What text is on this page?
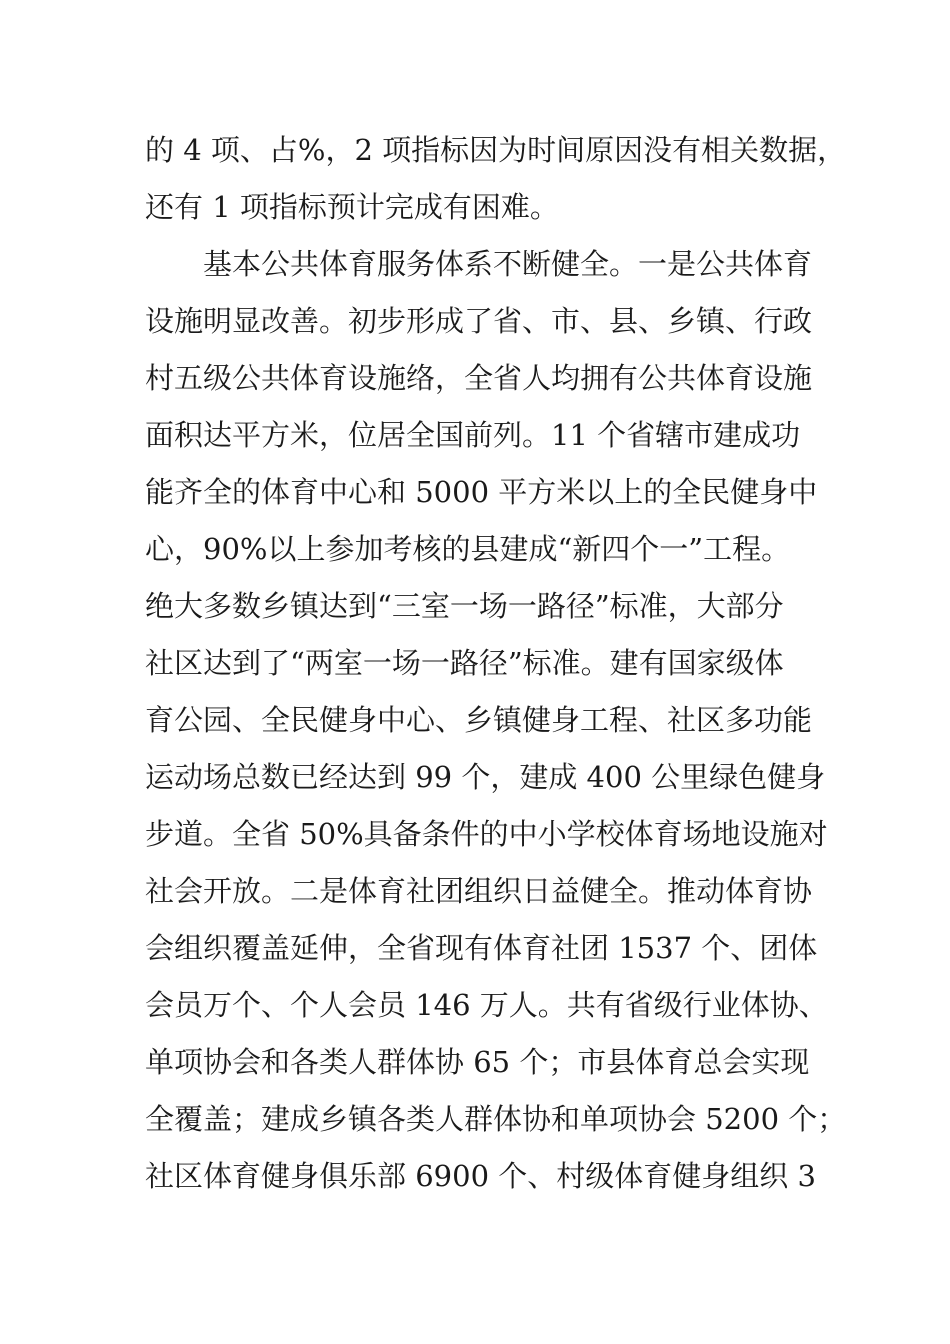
的 4 项、占%，2 项指标因为时间原因没有相关数据，
还有 1 项指标预计完成有困难。
　　基本公共体育服务体系不断健全。一是公共体育
设施明显改善。初步形成了省、市、县、乡镇、行政
村五级公共体育设施络，全省人均拥有公共体育设施
面积达平方米，位居全国前列。11 个省辖市建成功
能齐全的体育中心和 5000 平方米以上的全民健身中
心，90%以上参加考核的县建成“新四个一”工程。
绝大多数乡镇达到“三室一场一路径”标准，大部分
社区达到了“两室一场一路径”标准。建有国家级体
育公园、全民健身中心、乡镇健身工程、社区多功能
运动场总数已经达到 99 个，建成 400 公里绿色健身
步道。全省 50%具备条件的中小学校体育场地设施对
社会开放。二是体育社团组织日益健全。推动体育协
会组织覆盖延伸，全省现有体育社团 1537 个、团体
会员万个、个人会员 146 万人。共有省级行业体协、
单项协会和各类人群体协 65 个；市县体育总会实现
全覆盖；建成乡镇各类人群体协和单项协会 5200 个；
社区体育健身俱乐部 6900 个、村级体育健身组织 3
